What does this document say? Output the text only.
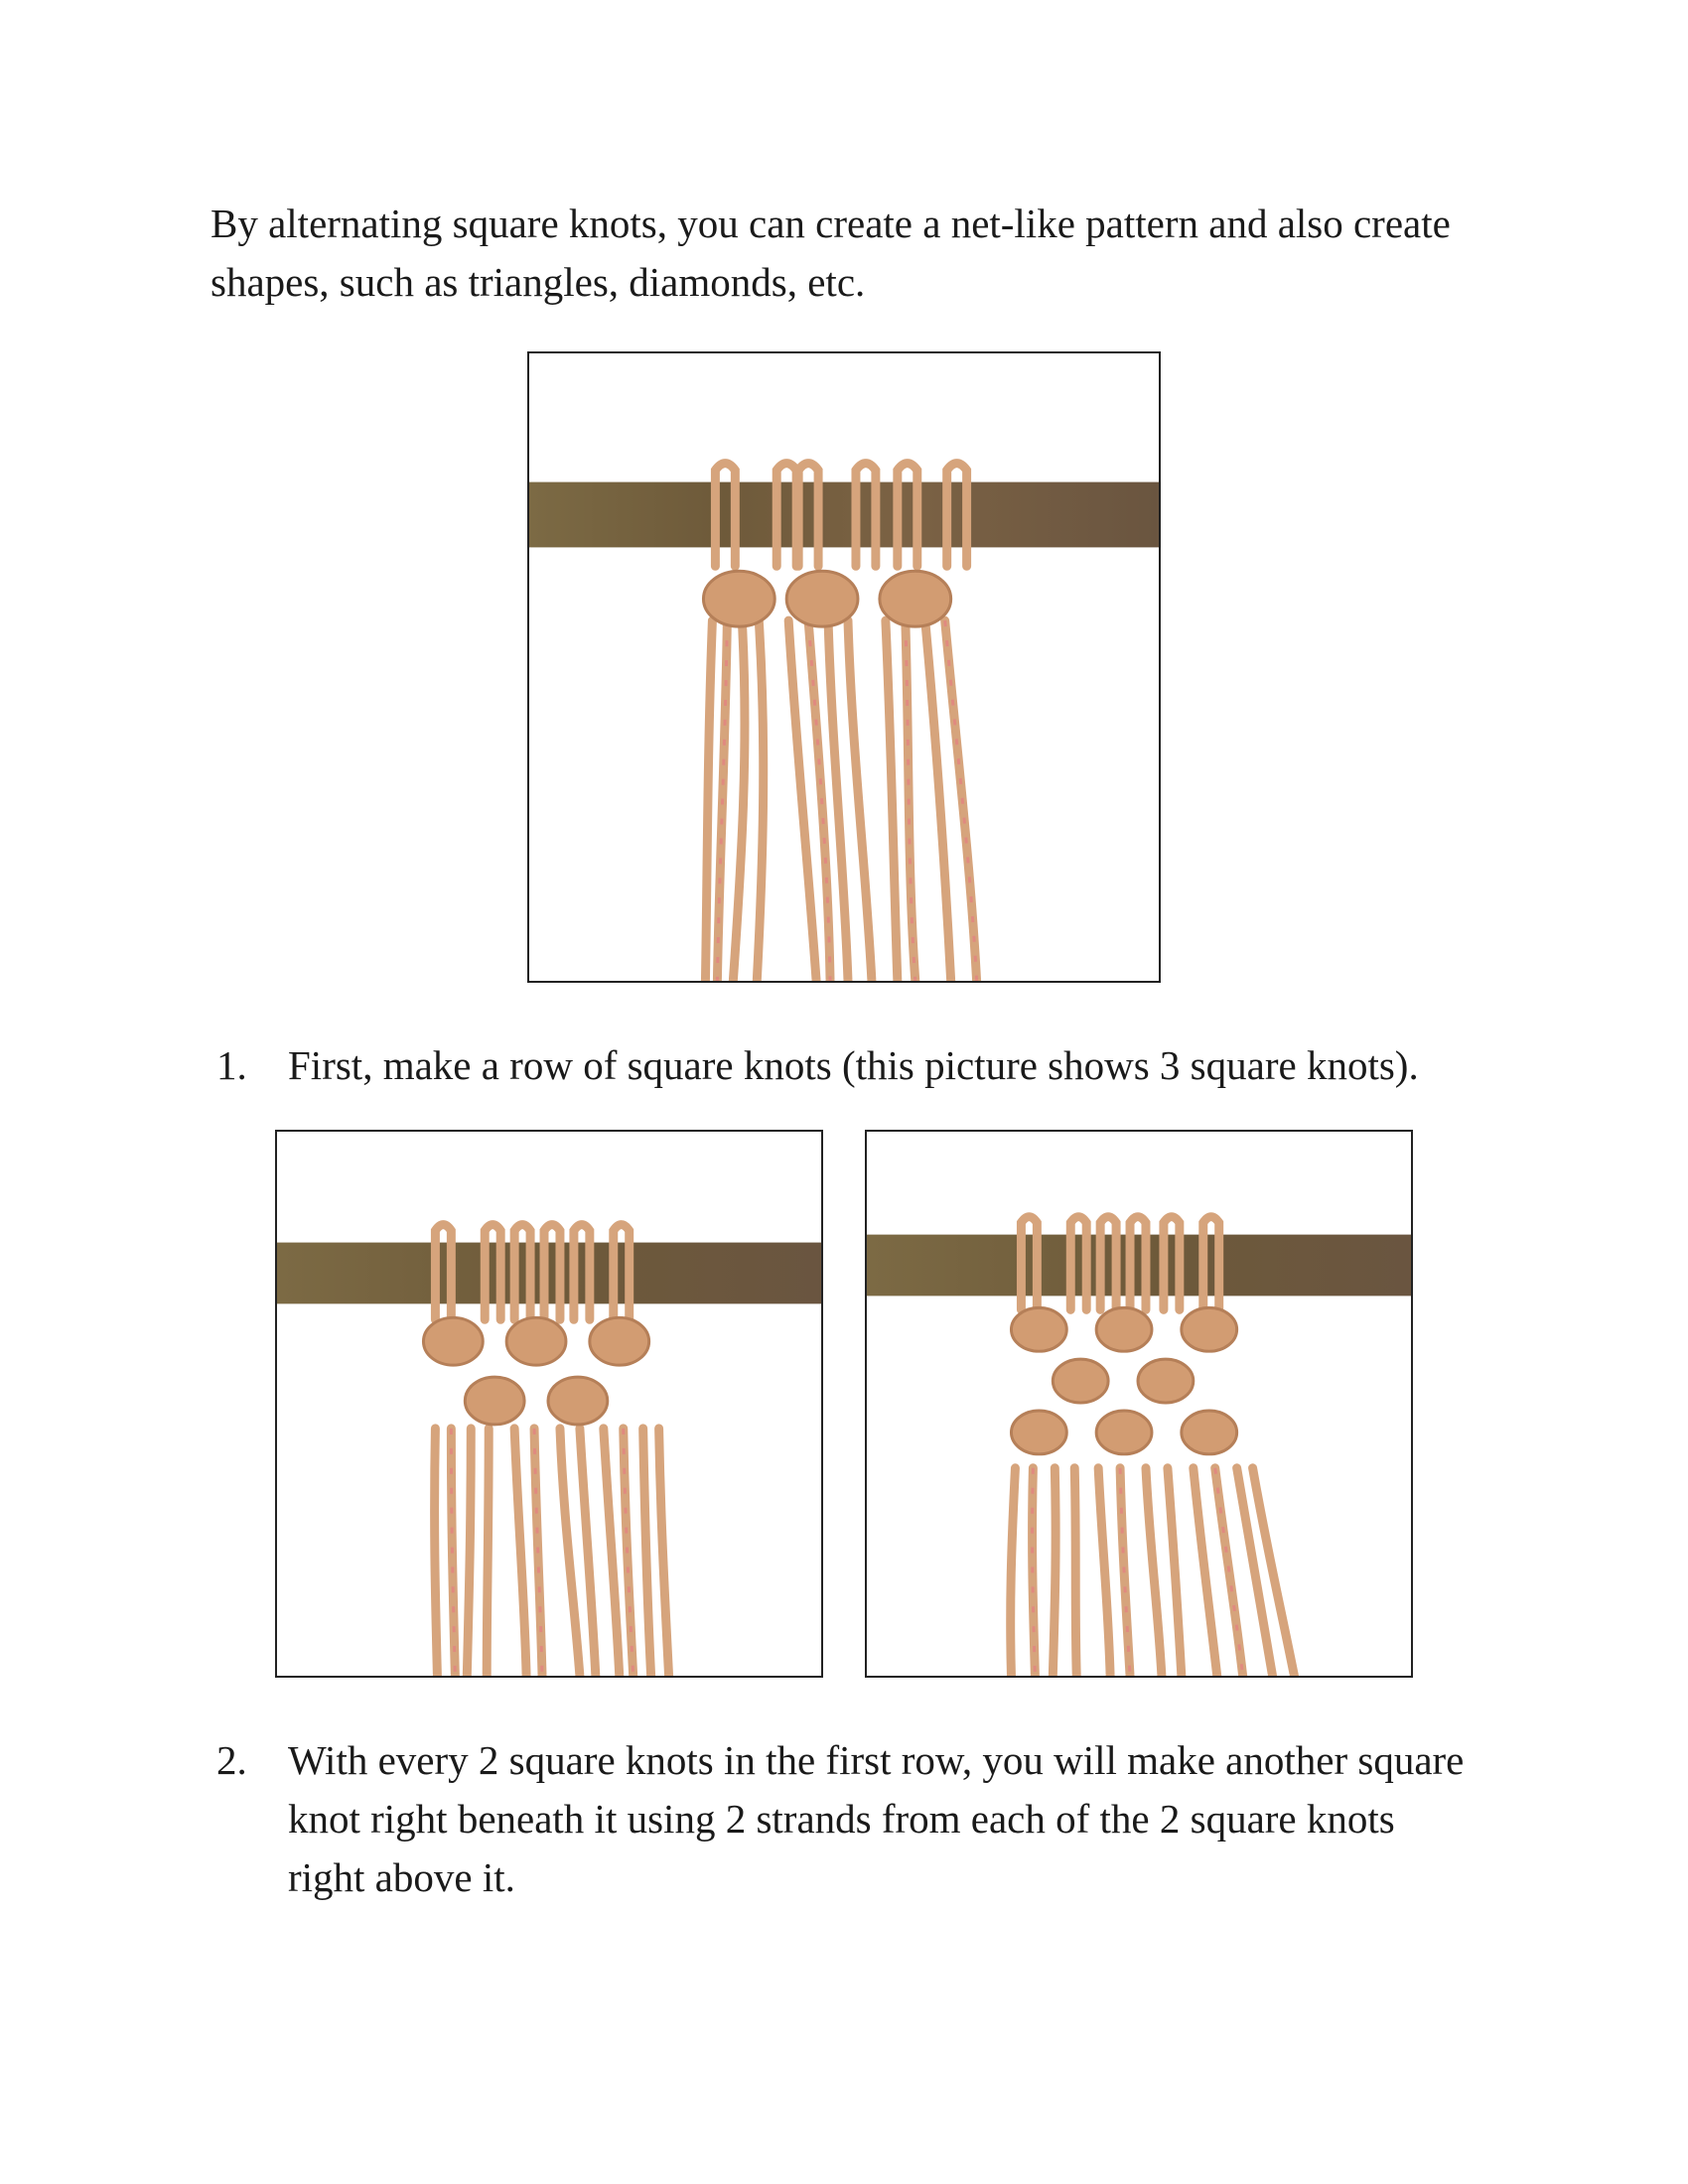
By alternating square knots, you can create a net-like pattern and also create shapes, such as triangles, diamonds, etc.

1. First, make a row of square knots (this picture shows 3 square knots).
2. With every 2 square knots in the first row, you will make another square knot right beneath it using 2 strands from each of the 2 square knots right above it.
